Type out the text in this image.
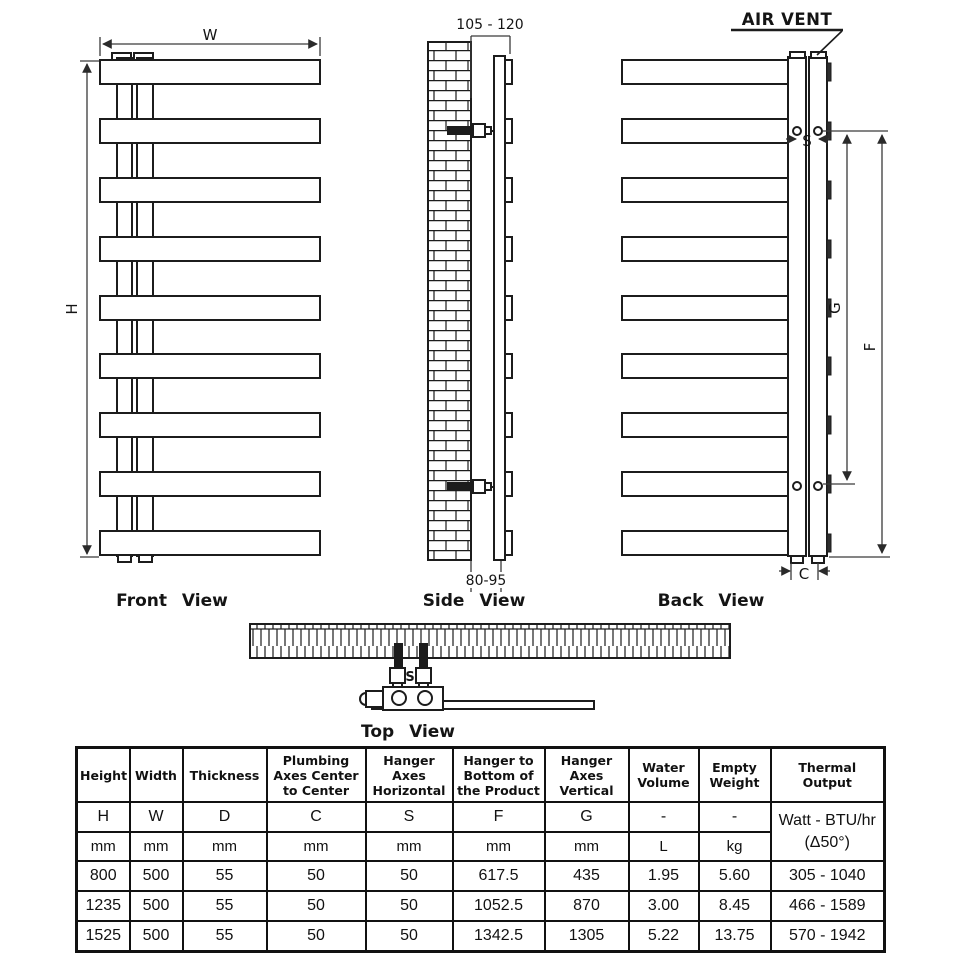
W
H
Front View
105 - 120
80-95
Side View
AIR VENT
S
G
F
C
Back View
S
Top View
Height	Width	Thickness	Plumbing Axes Center to Center	Hanger Axes Horizontal	Hanger to Bottom of the Product	Hanger Axes Vertical	Water Volume	Empty Weight	Thermal Output
H	W	D	C	S	F	G	-	-	Watt - BTU/hr
(Δ50°)

mm	mm	mm	mm	mm	mm	mm	L	kg	
800	500	55	50	50	617.5	435	1.95	5.60	305 - 1040
1235	500	55	50	50	1052.5	870	3.00	8.45	466 - 1589
1525	500	55	50	50	1342.5	1305	5.22	13.75	570 - 1942
